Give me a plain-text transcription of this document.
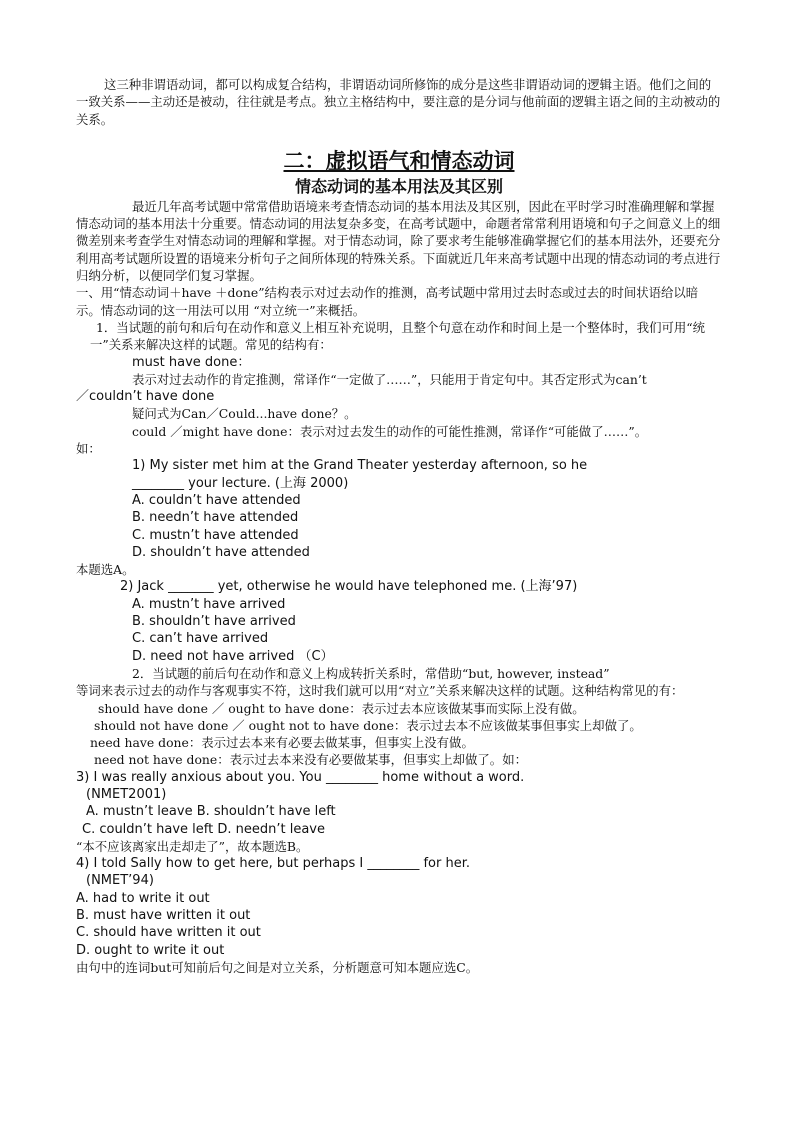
这三种非谓语动词，都可以构成复合结构，非谓语动词所修饰的成分是这些非谓语动词的逻辑主语。他们之间的一致关系——主动还是被动，往往就是考点。独立主格结构中，要注意的是分词与他前面的逻辑主语之间的主动被动的关系。

二：虚拟语气和情态动词
情态动词的基本用法及其区别

最近几年高考试题中常常借助语境来考查情态动词的基本用法及其区别，因此在平时学习时准确理解和掌握情态动词的基本用法十分重要。情态动词的用法复杂多变，在高考试题中，命题者常常利用语境和句子之间意义上的细微差别来考查学生对情态动词的理解和掌握。对于情态动词，除了要求考生能够准确掌握它们的基本用法外，还要充分利用高考试题所设置的语境来分析句子之间所体现的特殊关系。下面就近几年来高考试题中出现的情态动词的考点进行归纳分析，以便同学们复习掌握。

一、用“情态动词＋have ＋done”结构表示对过去动作的推测，高考试题中常用过去时态或过去的时间状语给以暗示。情态动词的这一用法可以用 “对立统一”来概括。

1．当试题的前句和后句在动作和意义上相互补充说明，且整个句意在动作和时间上是一个整体时，我们可用“统一”关系来解决这样的试题。常见的结构有：

must have done：

表示对过去动作的肯定推测，常译作“一定做了……”，只能用于肯定句中。其否定形式为can’t

／couldn’t have done

疑问式为Can／Could...have done？。

could ／might have done：表示对过去发生的动作的可能性推测，常译作“可能做了……”。

如：

1) My sister met him at the Grand Theater yesterday afternoon, so he

________ your lecture. (上海 2000)

A. couldn’t have attended

B. needn’t have attended

C. mustn’t have attended

D. shouldn’t have attended

本题选A。

2) Jack _______ yet, otherwise he would have telephoned me. (上海’97)

A. mustn’t have arrived

B. shouldn’t have arrived

C. can’t have arrived

D. need not have arrived （C）

2．当试题的前后句在动作和意义上构成转折关系时，常借助“but, however, instead”

等词来表示过去的动作与客观事实不符，这时我们就可以用“对立”关系来解决这样的试题。这种结构常见的有：

should have done ／ ought to have done：表示过去本应该做某事而实际上没有做。

should not have done ／ ought not to have done：表示过去本不应该做某事但事实上却做了。

need have done：表示过去本来有必要去做某事，但事实上没有做。

need not have done：表示过去本来没有必要做某事，但事实上却做了。如：

3) I was really anxious about you. You ________ home without a word.

(NMET2001)

A. mustn’t leave B. shouldn’t have left

C. couldn’t have left D. needn’t leave

“本不应该离家出走却走了”，故本题选B。

4) I told Sally how to get here, but perhaps I ________ for her.

(NMET’94)

A. had to write it out

B. must have written it out

C. should have written it out

D. ought to write it out

由句中的连词but可知前后句之间是对立关系，分析题意可知本题应选C。
